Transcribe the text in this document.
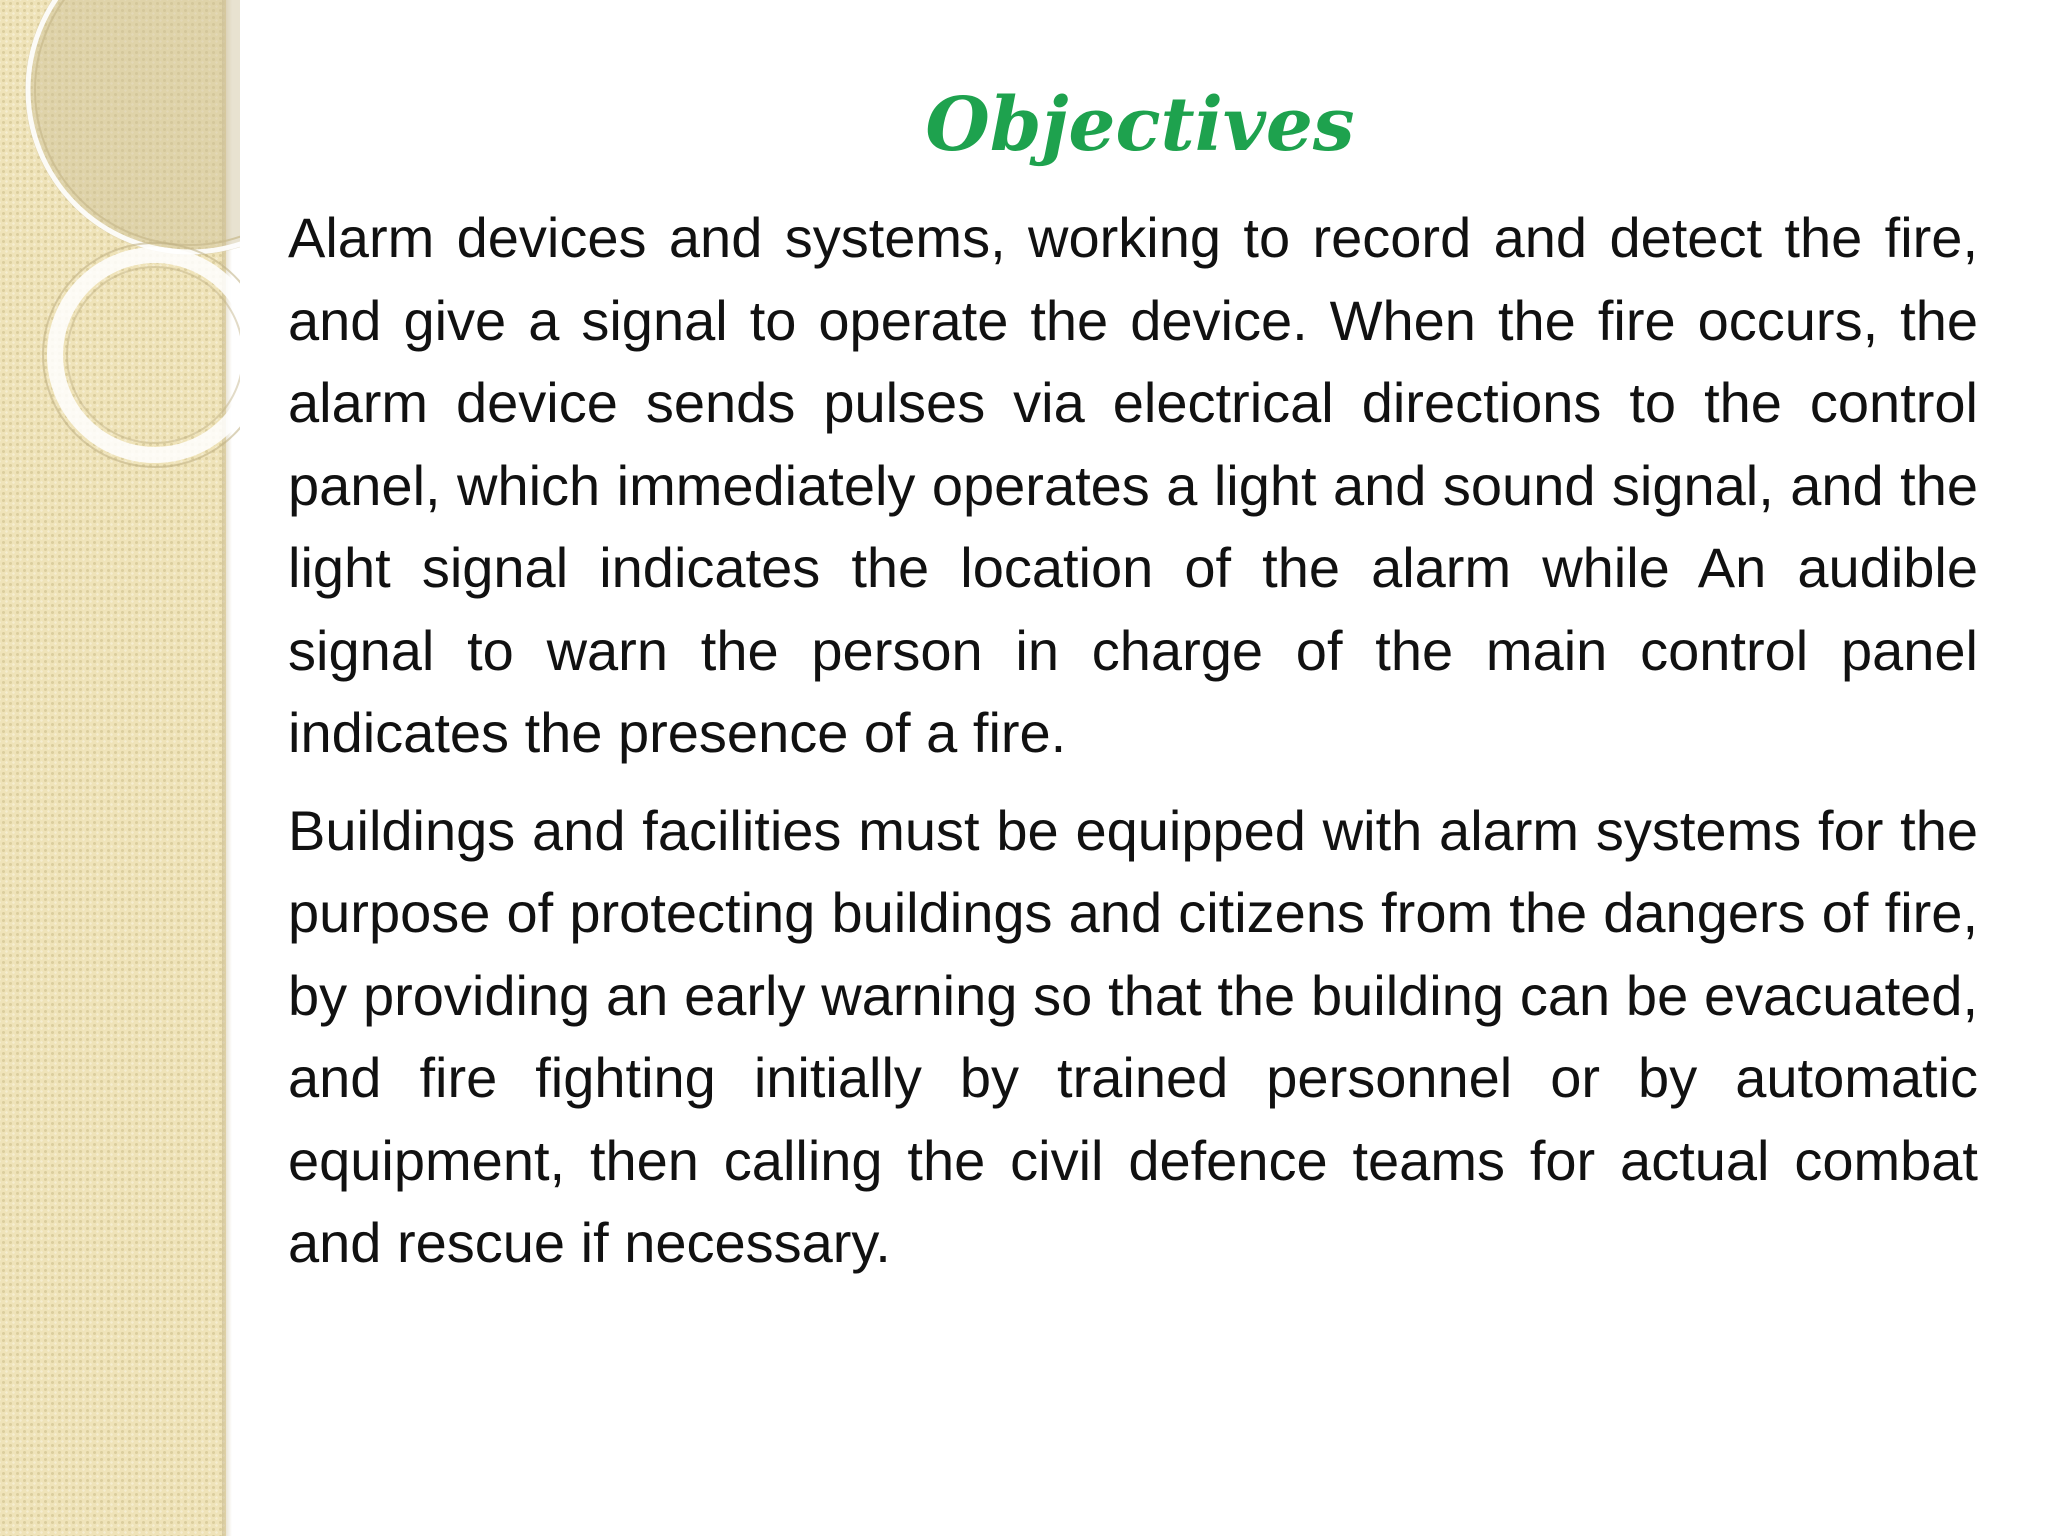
Objectives

Alarm devices and systems, working to record and detect the fire, and give a signal to operate the device. When the fire occurs, the alarm device sends pulses via electrical directions to the control panel, which immediately operates a light and sound signal, and the light signal indicates the location of the alarm while An audible signal to warn the person in charge of the main control panel indicates the presence of a fire.

Buildings and facilities must be equipped with alarm systems for the purpose of protecting buildings and citizens from the dangers of fire, by providing an early warning so that the building can be evacuated, and fire fighting initially by trained personnel or by automatic equipment, then calling the civil defence teams for actual combat and rescue if necessary.
